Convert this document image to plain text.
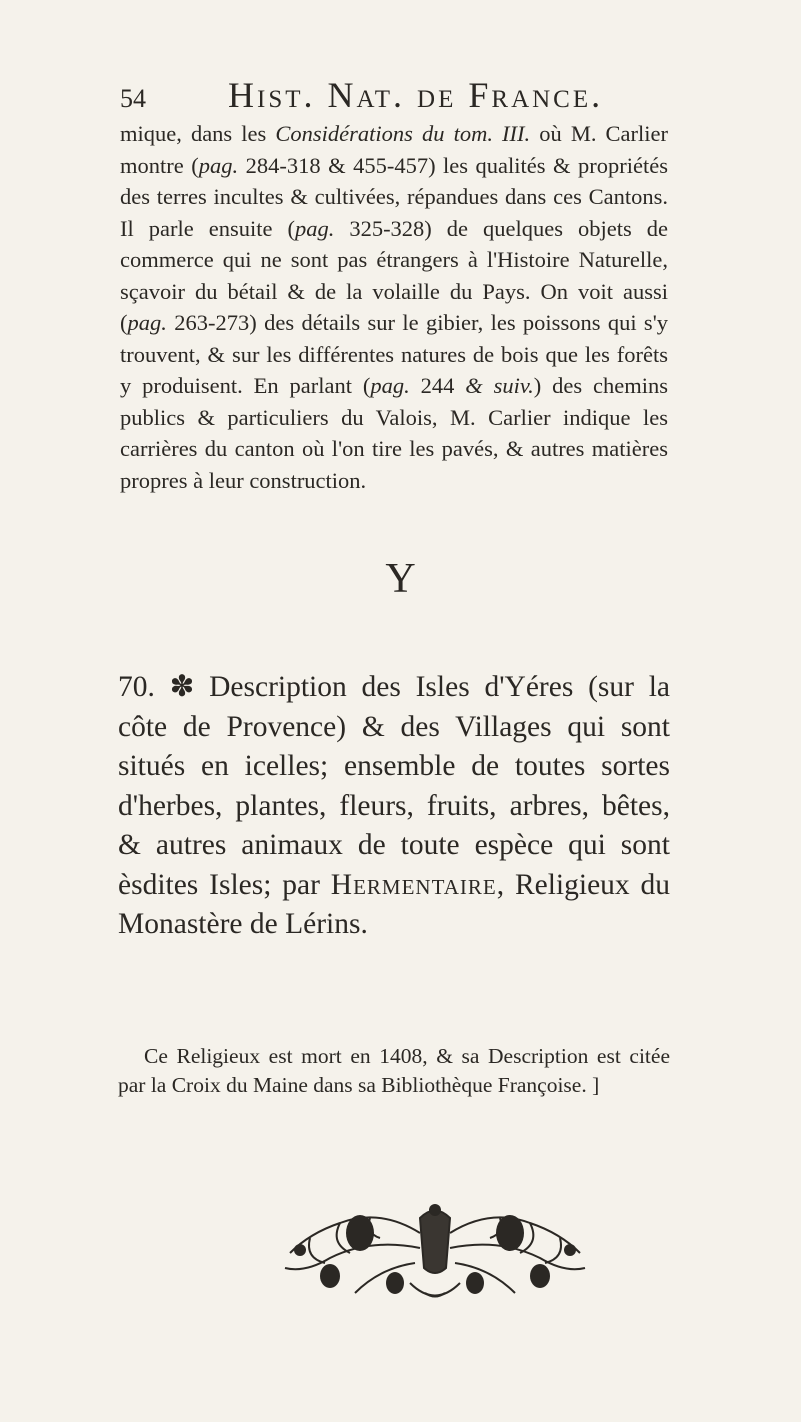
54 Hist. Nat. de France.

mique, dans les Considérations du tom. III. où M. Carlier montre (pag. 284-318 & 455-457) les qualités & propriétés des terres incultes & cultivées, répandues dans ces Cantons. Il parle ensuite (pag. 325-328) de quelques objets de commerce qui ne sont pas étrangers à l'Histoire Naturelle, sçavoir du bétail & de la volaille du Pays. On voit aussi (pag. 263-273) des détails sur le gibier, les poissons qui s'y trouvent, & sur les différentes natures de bois que les forêts y produisent. En parlant (pag. 244 & suiv.) des chemins publics & particuliers du Valois, M. Carlier indique les carrières du canton où l'on tire les pavés, & autres matières propres à leur construction.

Y

70. ✽ Description des Isles d'Yéres (sur la côte de Provence) & des Villages qui sont situés en icelles; ensemble de toutes sortes d'herbes, plantes, fleurs, fruits, arbres, bêtes, & autres animaux de toute espèce qui sont èsdites Isles; par Hermentaire, Religieux du Monastère de Lérins.

Ce Religieux est mort en 1408, & sa Description est citée par la Croix du Maine dans sa Bibliothèque Françoise. ]
